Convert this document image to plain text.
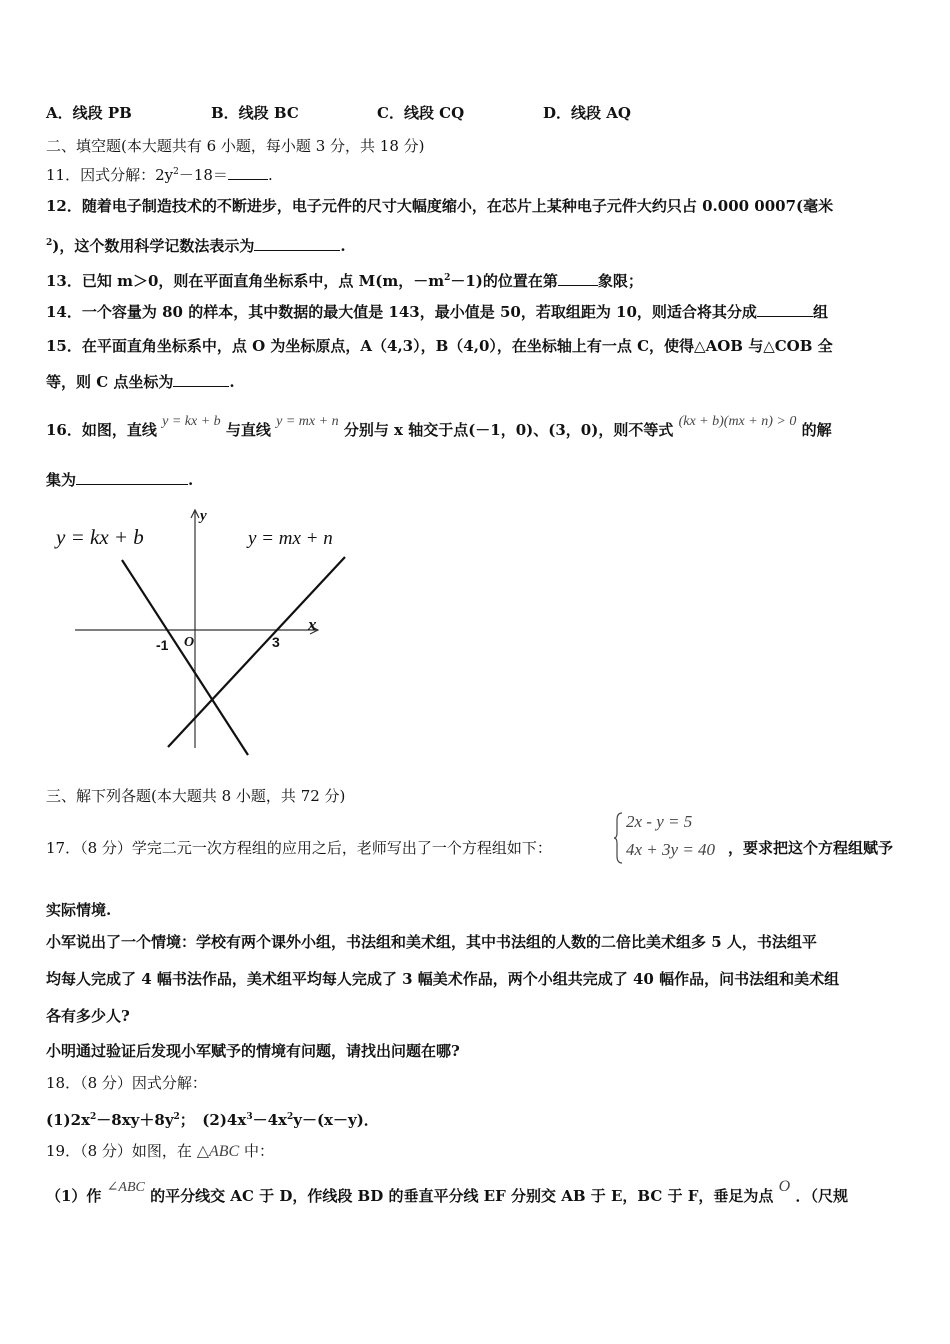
A．线段 PB	B．线段 BC	C．线段 CQ	D．线段 AQ
二、填空题(本大题共有 6 小题，每小题 3 分，共 18 分)
11．因式分解：$2y^2-18=$	.
12．随着电子制造技术的不断进步，电子元件的尺寸大幅度缩小，在芯片上某种电子元件大约只占 0.000 0007(毫米
$^2$)，这个数用科学记数法表示为	.
13．已知 m＞0，则在平面直角坐标系中，点 M(m，$-m^2-1$)的位置在第	象限；
14．一个容量为 80 的样本，其中数据的最大值是 143，最小值是 50，若取组距为 10，则适合将其分成	组
15．在平面直角坐标系中，点 O 为坐标原点，A（4,3），B（4,0），在坐标轴上有一点 C，使得△AOB 与△COB 全
等，则 C 点坐标为	.
16．如图，直线 y = kx + b 与直线 y = mx + n 分别与 x 轴交于点(－1，0)、(3，0)，则不等式 (kx + b)(mx + n) > 0 的解
集为	.
y = kx + b	y = mx + n
y
x
O
-1	3
三、解下列各题(本大题共 8 小题，共 72 分)
17．（8 分）学完二元一次方程组的应用之后，老师写出了一个方程组如下：
2x - y = 5
4x + 3y = 40 ，要求把这个方程组赋予
实际情境.
小军说出了一个情境：学校有两个课外小组，书法组和美术组，其中书法组的人数的二倍比美术组多 5 人，书法组平
均每人完成了 4 幅书法作品，美术组平均每人完成了 3 幅美术作品，两个小组共完成了 40 幅作品，问书法组和美术组
各有多少人?
小明通过验证后发现小军赋予的情境有问题，请找出问题在哪?
18．（8 分）因式分解：
$(1)2x^2-8xy+8y^2$；　$(2)4x^3-4x^2y-(x-y)$．
19．（8 分）如图，在 △ABC 中：
（1）作 ∠ABC 的平分线交 AC 于 D，作线段 BD 的垂直平分线 EF 分别交 AB 于 E，BC 于 F，垂足为点 O ．（尺规
